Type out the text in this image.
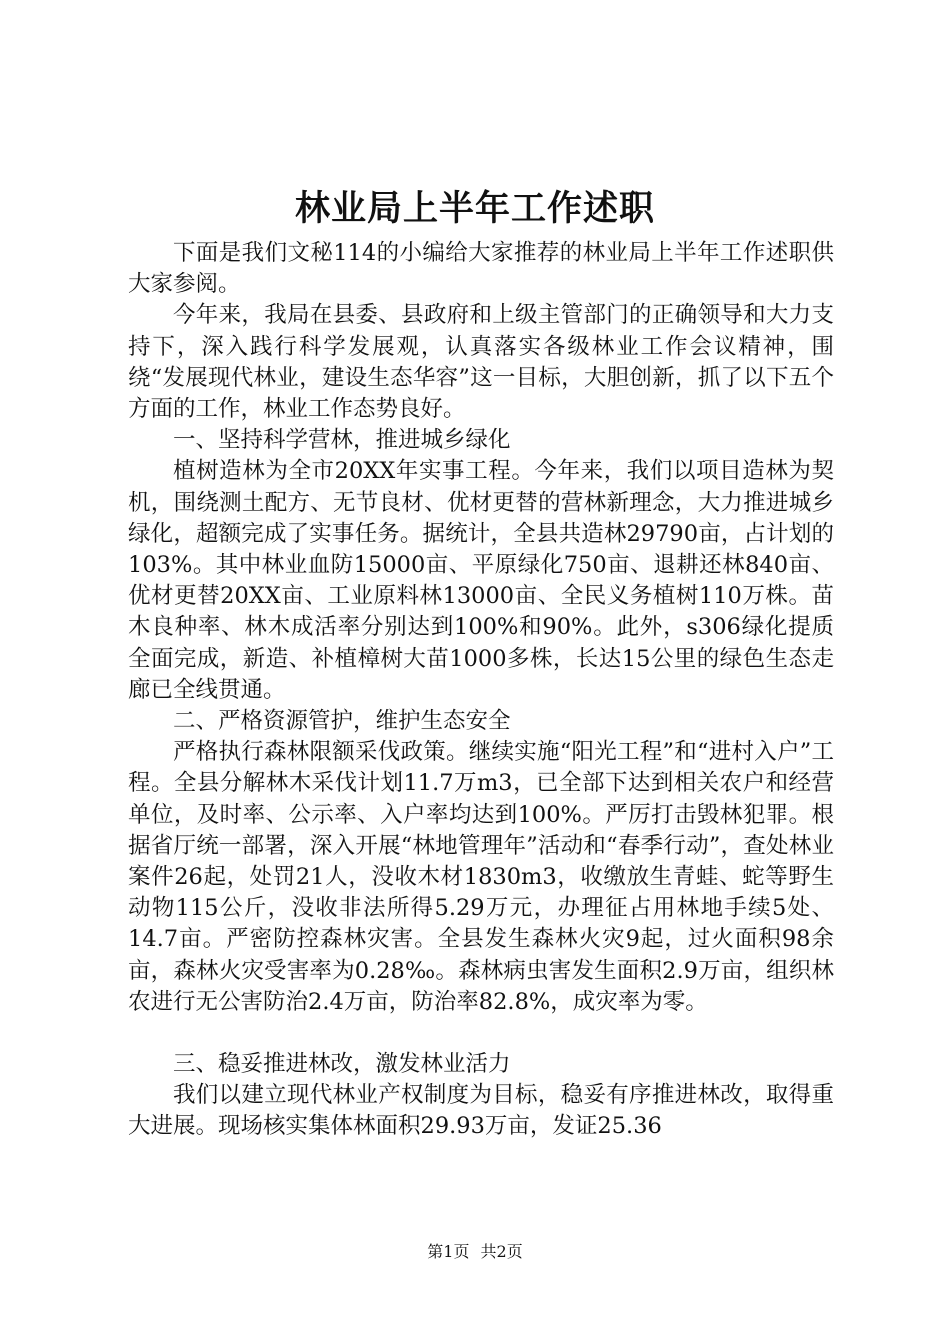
林业局上半年工作述职

下面是我们文秘114的小编给大家推荐的林业局上半年工作述职供大家参阅。

今年来，我局在县委、县政府和上级主管部门的正确领导和大力支持下，深入践行科学发展观，认真落实各级林业工作会议精神，围绕“发展现代林业，建设生态华容”这一目标，大胆创新，抓了以下五个方面的工作，林业工作态势良好。

一、坚持科学营林，推进城乡绿化

植树造林为全市20XX年实事工程。今年来，我们以项目造林为契机，围绕测土配方、无节良材、优材更替的营林新理念，大力推进城乡绿化，超额完成了实事任务。据统计，全县共造林29790亩，占计划的103%。其中林业血防15000亩、平原绿化750亩、退耕还林840亩、优材更替20XX亩、工业原料林13000亩、全民义务植树110万株。苗木良种率、林木成活率分别达到100%和90%。此外，s306绿化提质全面完成，新造、补植樟树大苗1000多株，长达15公里的绿色生态走廊已全线贯通。

二、严格资源管护，维护生态安全

严格执行森林限额采伐政策。继续实施“阳光工程”和“进村入户”工程。全县分解林木采伐计划11.7万m3，已全部下达到相关农户和经营单位，及时率、公示率、入户率均达到100%。严厉打击毁林犯罪。根据省厅统一部署，深入开展“林地管理年”活动和“春季行动”，查处林业案件26起，处罚21人，没收木材1830m3，收缴放生青蛙、蛇等野生动物115公斤，没收非法所得5.29万元，办理征占用林地手续5处、14.7亩。严密防控森林灾害。全县发生森林火灾9起，过火面积98余亩，森林火灾受害率为0.28‰。森林病虫害发生面积2.9万亩，组织林农进行无公害防治2.4万亩，防治率82.8%，成灾率为零。

三、稳妥推进林改，激发林业活力

我们以建立现代林业产权制度为目标，稳妥有序推进林改，取得重大进展。现场核实集体林面积29.93万亩，发证25.36

第1页 共2页
